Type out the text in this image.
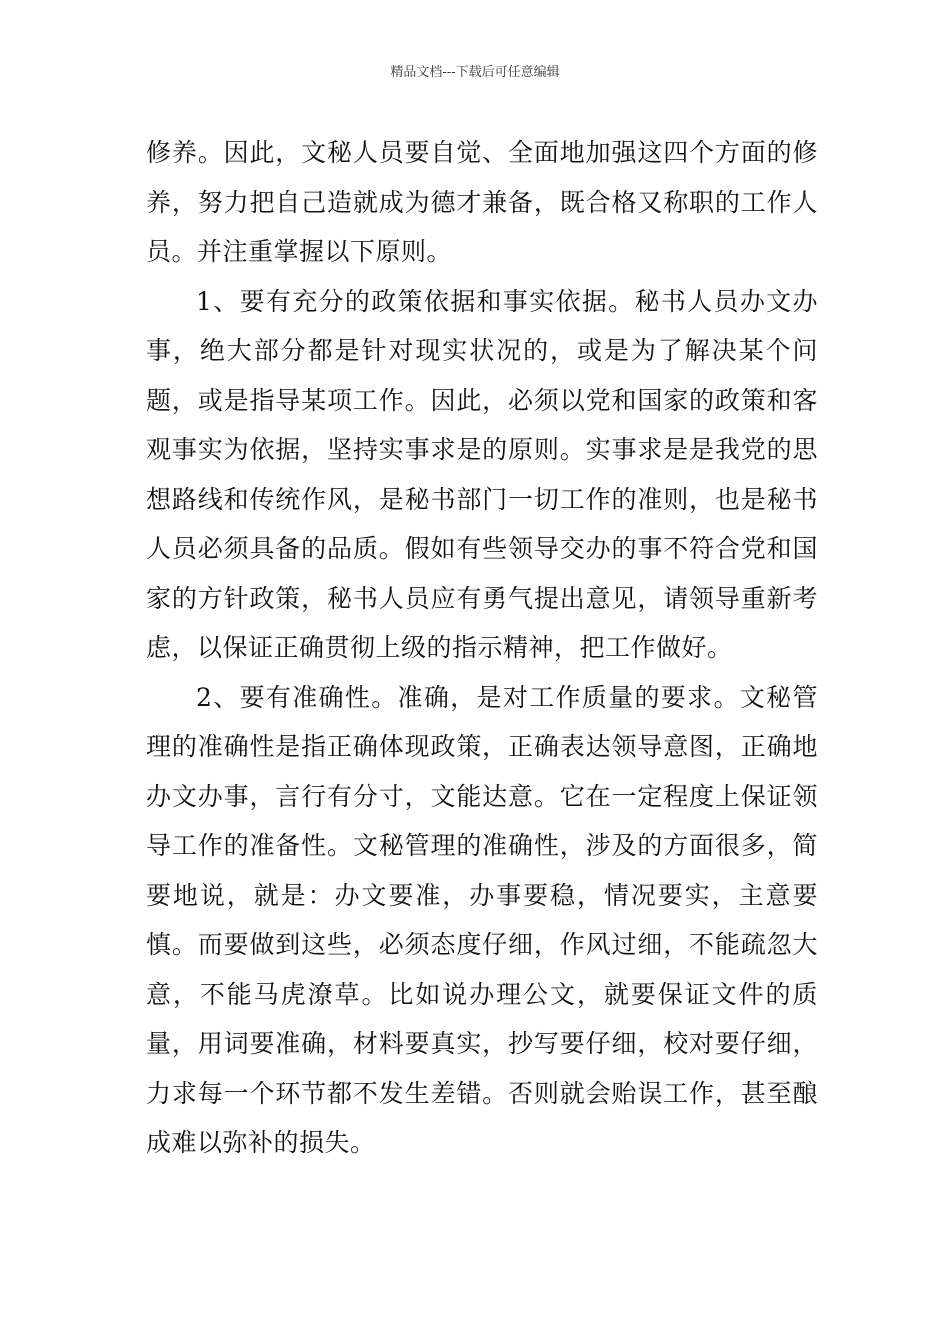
精品文档---下载后可任意编辑

修养。因此，文秘人员要自觉、全面地加强这四个方面的修养，努力把自己造就成为德才兼备，既合格又称职的工作人员。并注重掌握以下原则。

1、要有充分的政策依据和事实依据。秘书人员办文办事，绝大部分都是针对现实状况的，或是为了解决某个问题，或是指导某项工作。因此，必须以党和国家的政策和客观事实为依据，坚持实事求是的原则。实事求是是我党的思想路线和传统作风，是秘书部门一切工作的准则，也是秘书人员必须具备的品质。假如有些领导交办的事不符合党和国家的方针政策，秘书人员应有勇气提出意见，请领导重新考虑，以保证正确贯彻上级的指示精神，把工作做好。

2、要有准确性。准确，是对工作质量的要求。文秘管理的准确性是指正确体现政策，正确表达领导意图，正确地办文办事，言行有分寸，文能达意。它在一定程度上保证领导工作的准备性。文秘管理的准确性，涉及的方面很多，简要地说，就是：办文要准，办事要稳，情况要实，主意要慎。而要做到这些，必须态度仔细，作风过细，不能疏忽大意，不能马虎潦草。比如说办理公文，就要保证文件的质量，用词要准确，材料要真实，抄写要仔细，校对要仔细，力求每一个环节都不发生差错。否则就会贻误工作，甚至酿成难以弥补的损失。
